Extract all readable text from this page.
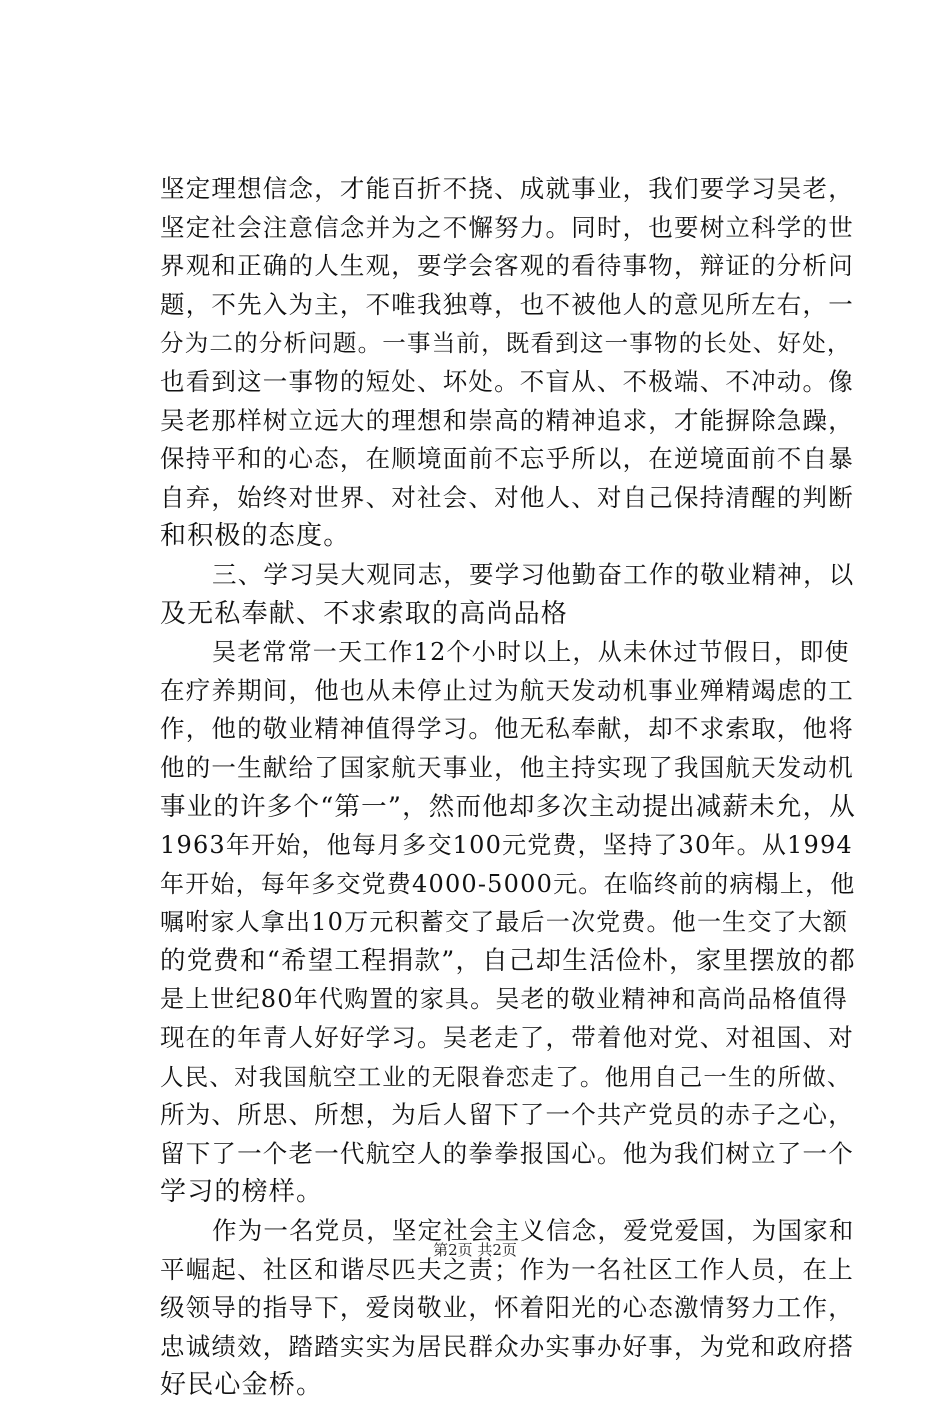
坚定理想信念，才能百折不挠、成就事业，我们要学习吴老，
坚定社会注意信念并为之不懈努力。同时，也要树立科学的世
界观和正确的人生观，要学会客观的看待事物，辩证的分析问
题，不先入为主，不唯我独尊，也不被他人的意见所左右，一
分为二的分析问题。一事当前，既看到这一事物的长处、好处，
也看到这一事物的短处、坏处。不盲从、不极端、不冲动。像
吴老那样树立远大的理想和崇高的精神追求，才能摒除急躁，
保持平和的心态，在顺境面前不忘乎所以，在逆境面前不自暴
自弃，始终对世界、对社会、对他人、对自己保持清醒的判断
和积极的态度。
三、学习吴大观同志，要学习他勤奋工作的敬业精神，以
及无私奉献、不求索取的高尚品格
吴老常常一天工作12个小时以上，从未休过节假日，即使
在疗养期间，他也从未停止过为航天发动机事业殚精竭虑的工
作，他的敬业精神值得学习。他无私奉献，却不求索取，他将
他的一生献给了国家航天事业，他主持实现了我国航天发动机
事业的许多个“第一”，然而他却多次主动提出减薪未允，从
1963年开始，他每月多交100元党费，坚持了30年。从1994
年开始，每年多交党费4000-5000元。在临终前的病榻上，他
嘱咐家人拿出10万元积蓄交了最后一次党费。他一生交了大额
的党费和“希望工程捐款”，自己却生活俭朴，家里摆放的都
是上世纪80年代购置的家具。吴老的敬业精神和高尚品格值得
现在的年青人好好学习。吴老走了，带着他对党、对祖国、对
人民、对我国航空工业的无限眷恋走了。他用自己一生的所做、
所为、所思、所想，为后人留下了一个共产党员的赤子之心，
留下了一个老一代航空人的拳拳报国心。他为我们树立了一个
学习的榜样。
作为一名党员，坚定社会主义信念，爱党爱国，为国家和
平崛起、社区和谐尽匹夫之责；作为一名社区工作人员，在上
级领导的指导下，爱岗敬业，怀着阳光的心态激情努力工作，
忠诚绩效，踏踏实实为居民群众办实事办好事，为党和政府搭
好民心金桥。
第2页 共2页
